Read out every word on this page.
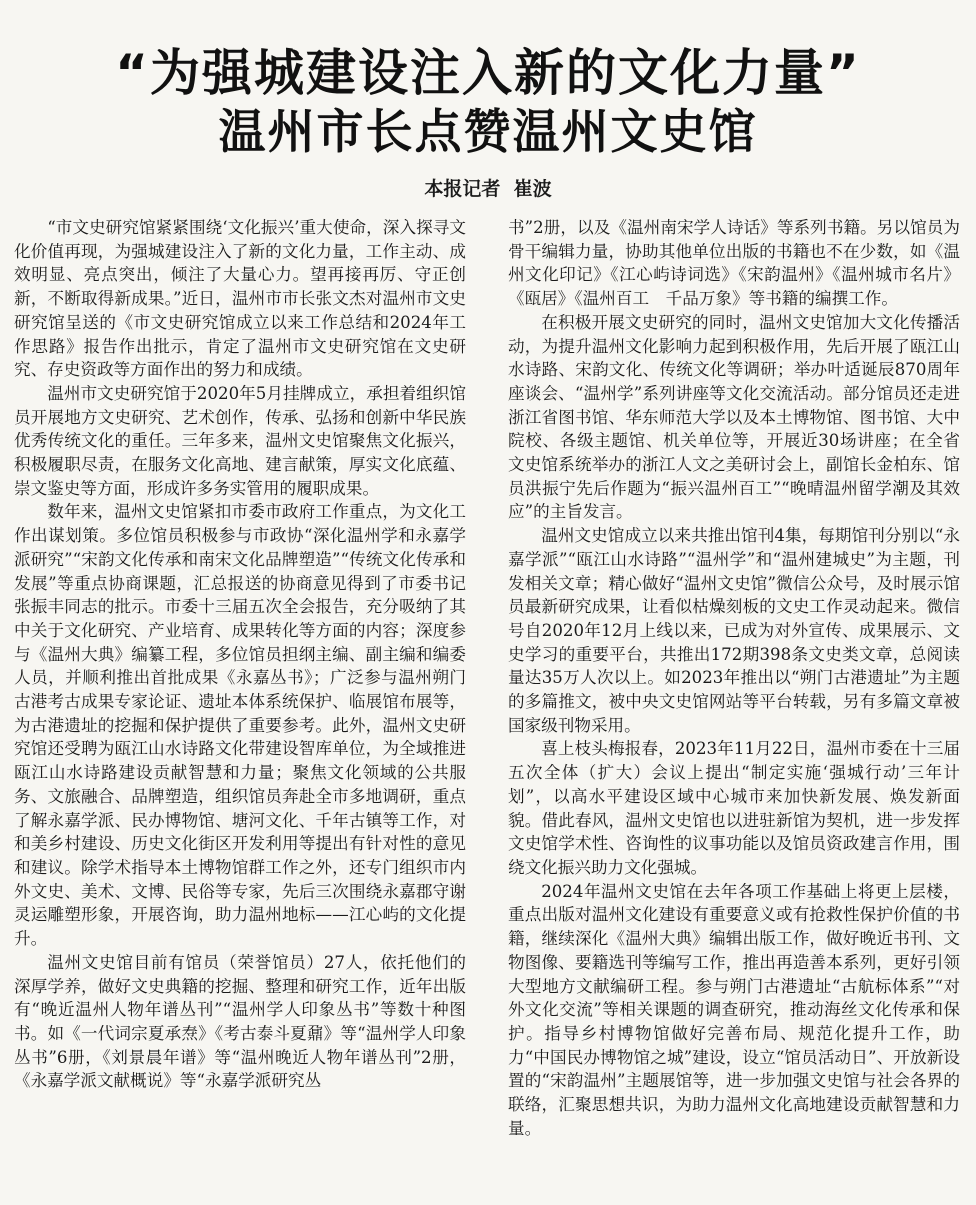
“为强城建设注入新的文化力量”
温州市长点赞温州文史馆
本报记者 崔波

“市文史研究馆紧紧围绕‘文化振兴’重大使命，深入探寻文化价值再现，为强城建设注入了新的文化力量，工作主动、成效明显、亮点突出，倾注了大量心力。望再接再厉、守正创新，不断取得新成果。”近日，温州市市长张文杰对温州市文史研究馆呈送的《市文史研究馆成立以来工作总结和2024年工作思路》报告作出批示，肯定了温州市文史研究馆在文史研究、存史资政等方面作出的努力和成绩。

温州市文史研究馆于2020年5月挂牌成立，承担着组织馆员开展地方文史研究、艺术创作，传承、弘扬和创新中华民族优秀传统文化的重任。三年多来，温州文史馆聚焦文化振兴，积极履职尽责，在服务文化高地、建言献策，厚实文化底蕴、崇文鉴史等方面，形成许多务实管用的履职成果。

数年来，温州文史馆紧扣市委市政府工作重点，为文化工作出谋划策。多位馆员积极参与市政协“深化温州学和永嘉学派研究”“宋韵文化传承和南宋文化品牌塑造”“传统文化传承和发展”等重点协商课题，汇总报送的协商意见得到了市委书记张振丰同志的批示。市委十三届五次全会报告，充分吸纳了其中关于文化研究、产业培育、成果转化等方面的内容；深度参与《温州大典》编纂工程，多位馆员担纲主编、副主编和编委人员，并顺利推出首批成果《永嘉丛书》；广泛参与温州朔门古港考古成果专家论证、遗址本体系统保护、临展馆布展等，为古港遗址的挖掘和保护提供了重要参考。此外，温州文史研究馆还受聘为瓯江山水诗路文化带建设智库单位，为全域推进瓯江山水诗路建设贡献智慧和力量；聚焦文化领域的公共服务、文旅融合、品牌塑造，组织馆员奔赴全市多地调研，重点了解永嘉学派、民办博物馆、塘河文化、千年古镇等工作，对和美乡村建设、历史文化街区开发利用等提出有针对性的意见和建议。除学术指导本土博物馆群工作之外，还专门组织市内外文史、美术、文博、民俗等专家，先后三次围绕永嘉郡守谢灵运雕塑形象，开展咨询，助力温州地标——江心屿的文化提升。

温州文史馆目前有馆员（荣誉馆员）27人，依托他们的深厚学养，做好文史典籍的挖掘、整理和研究工作，近年出版有“晚近温州人物年谱丛刊”“温州学人印象丛书”等数十种图书。如《一代词宗夏承焘》《考古泰斗夏鼐》等“温州学人印象丛书”6册，《刘景晨年谱》等“温州晚近人物年谱丛刊”2册，《永嘉学派文献概说》等“永嘉学派研究丛

书”2册，以及《温州南宋学人诗话》等系列书籍。另以馆员为骨干编辑力量，协助其他单位出版的书籍也不在少数，如《温州文化印记》《江心屿诗词选》《宋韵温州》《温州城市名片》《瓯居》《温州百工　千品万象》等书籍的编撰工作。

在积极开展文史研究的同时，温州文史馆加大文化传播活动，为提升温州文化影响力起到积极作用，先后开展了瓯江山水诗路、宋韵文化、传统文化等调研；举办叶适诞辰870周年座谈会、“温州学”系列讲座等文化交流活动。部分馆员还走进浙江省图书馆、华东师范大学以及本土博物馆、图书馆、大中院校、各级主题馆、机关单位等，开展近30场讲座；在全省文史馆系统举办的浙江人文之美研讨会上，副馆长金柏东、馆员洪振宁先后作题为“振兴温州百工”“晚晴温州留学潮及其效应”的主旨发言。

温州文史馆成立以来共推出馆刊4集，每期馆刊分别以“永嘉学派”“瓯江山水诗路”“温州学”和“温州建城史”为主题，刊发相关文章；精心做好“温州文史馆”微信公众号，及时展示馆员最新研究成果，让看似枯燥刻板的文史工作灵动起来。微信号自2020年12月上线以来，已成为对外宣传、成果展示、文史学习的重要平台，共推出172期398条文史类文章，总阅读量达35万人次以上。如2023年推出以“朔门古港遗址”为主题的多篇推文，被中央文史馆网站等平台转载，另有多篇文章被国家级刊物采用。

喜上枝头梅报春，2023年11月22日，温州市委在十三届五次全体（扩大）会议上提出“制定实施‘强城行动’三年计划”，以高水平建设区域中心城市来加快新发展、焕发新面貌。借此春风，温州文史馆也以进驻新馆为契机，进一步发挥文史馆学术性、咨询性的议事功能以及馆员资政建言作用，围绕文化振兴助力文化强城。

2024年温州文史馆在去年各项工作基础上将更上层楼，重点出版对温州文化建设有重要意义或有抢救性保护价值的书籍，继续深化《温州大典》编辑出版工作，做好晚近书刊、文物图像、要籍选刊等编写工作，推出再造善本系列，更好引领大型地方文献编研工程。参与朔门古港遗址“古航标体系”“对外文化交流”等相关课题的调查研究，推动海丝文化传承和保护。指导乡村博物馆做好完善布局、规范化提升工作，助力“中国民办博物馆之城”建设，设立“馆员活动日”、开放新设置的“宋韵温州”主题展馆等，进一步加强文史馆与社会各界的联络，汇聚思想共识，为助力温州文化高地建设贡献智慧和力量。
